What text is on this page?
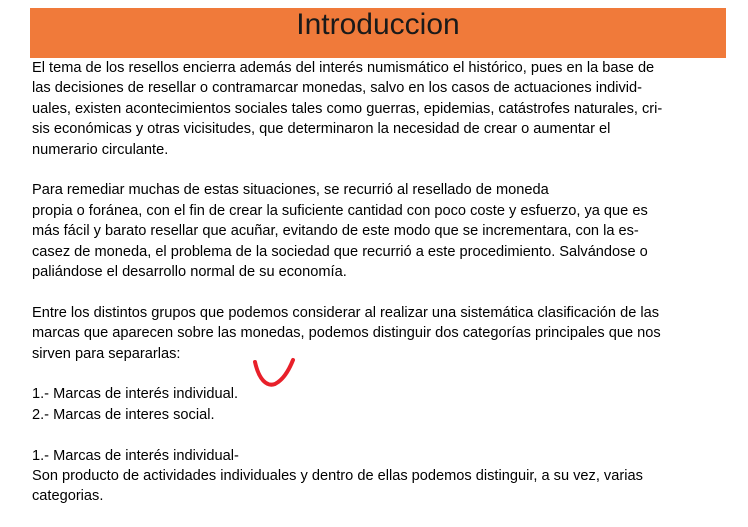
Introduccion

El tema de los resellos encierra además del interés numismático el histórico, pues en la base de
las decisiones de resellar o contramarcar monedas, salvo en los casos de actuaciones individ-
uales, existen acontecimientos sociales tales como guerras, epidemias, catástrofes naturales, cri-
sis económicas y otras vicisitudes, que determinaron la necesidad de crear o aumentar el
numerario circulante.

Para remediar muchas de estas situaciones, se recurrió al resellado de moneda
propia o foránea, con el fin de crear la suficiente cantidad con poco coste y esfuerzo, ya que es
más fácil y barato resellar que acuñar, evitando de este modo que se incrementara, con la es-
casez de moneda, el problema de la sociedad que recurrió a este procedimiento. Salvándose o
paliándose el desarrollo normal de su economía.

Entre los distintos grupos que podemos considerar al realizar una sistemática clasificación de las
marcas que aparecen sobre las monedas, podemos distinguir dos categorías principales que nos
sirven para separarlas:

1.- Marcas de interés individual.
2.- Marcas de interes social.

1.- Marcas de interés individual-
Son producto de actividades individuales y dentro de ellas podemos distinguir, a su vez, varias
categorias.
